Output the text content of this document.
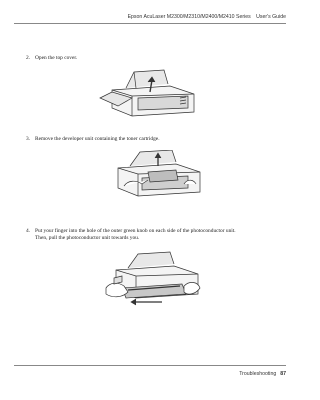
Epson AcuLaser M2300/M2310/M2400/M2410 Series User's Guide
2. Open the top cover.
3. Remove the developer unit containing the toner cartridge.
4. Put your finger into the hole of the outer green knob on each side of the photoconductor unit.
Then, pull the photoconductor unit towards you.
Troubleshooting 87
